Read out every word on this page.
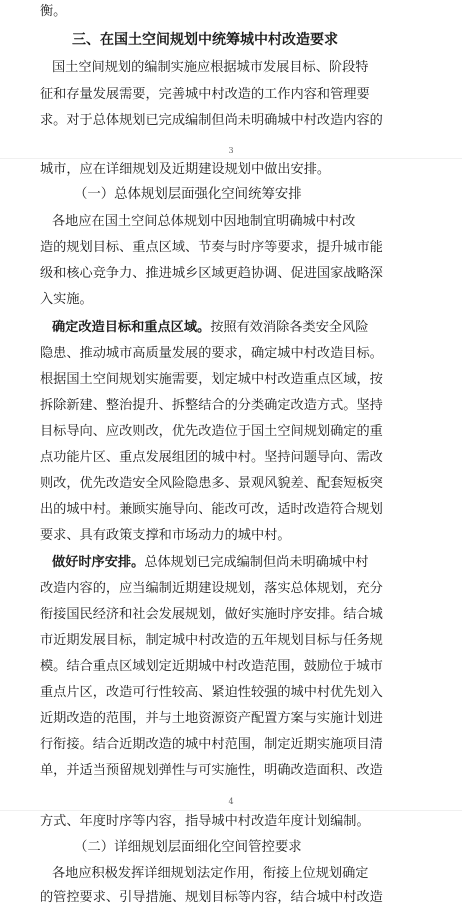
衡。
三、在国土空间规划中统筹城中村改造要求
国土空间规划的编制实施应根据城市发展目标、阶段特
征和存量发展需要，完善城中村改造的工作内容和管理要
求。对于总体规划已完成编制但尚未明确城中村改造内容的
3
城市，应在详细规划及近期建设规划中做出安排。
（一）总体规划层面强化空间统筹安排
各地应在国土空间总体规划中因地制宜明确城中村改
造的规划目标、重点区域、节奏与时序等要求，提升城市能
级和核心竞争力、推进城乡区域更趋协调、促进国家战略深
入实施。
确定改造目标和重点区域。按照有效消除各类安全风险
隐患、推动城市高质量发展的要求，确定城中村改造目标。
根据国土空间规划实施需要，划定城中村改造重点区域，按
拆除新建、整治提升、拆整结合的分类确定改造方式。坚持
目标导向、应改则改，优先改造位于国土空间规划确定的重
点功能片区、重点发展组团的城中村。坚持问题导向、需改
则改，优先改造安全风险隐患多、景观风貌差、配套短板突
出的城中村。兼顾实施导向、能改可改，适时改造符合规划
要求、具有政策支撑和市场动力的城中村。
做好时序安排。总体规划已完成编制但尚未明确城中村
改造内容的，应当编制近期建设规划，落实总体规划，充分
衔接国民经济和社会发展规划，做好实施时序安排。结合城
市近期发展目标，制定城中村改造的五年规划目标与任务规
模。结合重点区域划定近期城中村改造范围，鼓励位于城市
重点片区，改造可行性较高、紧迫性较强的城中村优先划入
近期改造的范围，并与土地资源资产配置方案与实施计划进
行衔接。结合近期改造的城中村范围，制定近期实施项目清
单，并适当预留规划弹性与可实施性，明确改造面积、改造
4
方式、年度时序等内容，指导城中村改造年度计划编制。
（二）详细规划层面细化空间管控要求
各地应积极发挥详细规划法定作用，衔接上位规划确定
的管控要求、引导措施、规划目标等内容，结合城中村改造
